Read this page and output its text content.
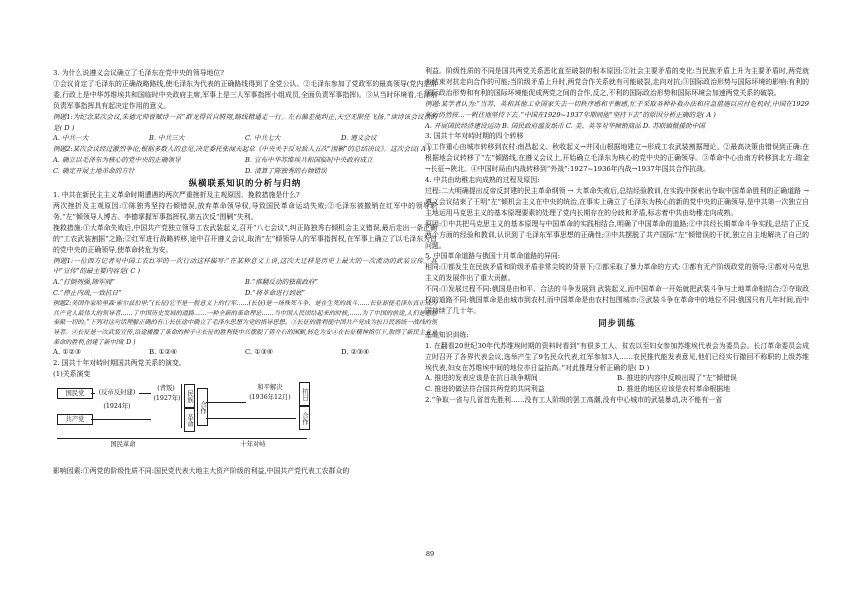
3. 为什么说遵义会议确立了毛泽东在党中央的领导地位?

①会议肯定了毛泽东的正确战略路线,使毛泽东为代表的正确路线得到了全党公认。②毛泽东参加了党政军的最高领导(党内是常委,行政上是中华苏维埃共和国临时中央政府主席,军事上是三人军事指挥小组成员,全面负责军事指挥)。③从当时环境看,毛泽东负责军事指挥具有起决定作用的意义。

例题1:为纪念某次会议,朱德元帅曾赋诗一首“群龙得首自腾翔,路线精通走一行。左右偏差能纠正,天空无限任飞扬。”读诗该会议指的是( D )

A. 中共一大	B. 中共三大	C. 中共七大	D. 遵义会议

例题2:某次会议经过激烈争论,根据多数人的意见,决定委托张闻天起草《中央关于反对敌人五次“围剿”的总结决议》。这次会议( A )

A. 确立以毛泽东为核心的党中央的正确领导	B. 宣布中华苏维埃共和国临时中央政府成立
C. 确定开展土地革命的方针	D. 清算了陈独秀的右倾错误
纵横联系知识的分析与归纳

1. 中共在新民主主义革命时期遭遇的两次严重挫折及主观原因、挽救措施是什么?

两次挫折及主观原因:①陈独秀坚持右倾错误,放弃革命领导权,导致国民革命运动失败;②毛泽东被撤销在红军中的领导职务,“左”倾领导人博古、李德掌握军事指挥权,第五次反“围剿”失利。

挽救措施:①大革命失败后,中国共产党独立领导工农武装起义,召开“八七会议”,纠正陈独秀右倾机会主义错误,最后走出一条正确的“工农武装割据”之路;②红军进行战略转移,途中召开遵义会议,取消“左”倾领导人的军事指挥权,在军事上确立了以毛泽东为首的党中央的正确领导,使革命转危为安。

例题1:一位西方记者对中国工农红军的一次行动这样描写:“在某种意义上讲,这次大迁移是历史上最大的一次流动的武装宣传。”其中“宣传”的最主要内容是( C )

A.“打倒列强,除军阀”	B.“推翻反动的独裁政府”
C.“停止内战,一致抗日”	D.“将革命进行到底”

例题2:美国作家哈里森·索尔兹伯里:“(长征)它不是一般意义上的行军……(长征)是一场殊死斗争、是在生死的战斗……长征却使毛泽东真正成为共产党人最伟大的领导者……了中国历史发展的道路……一种全新的革命理论……当中国人民团结起来的时候,……为了中国的前途,人们是愿意奉献一切的。”下列对这句话理解正确的有①长征途中确立了毛泽东思想为党的指导思想。③长征的胜利使中国共产党成为抗日民族统一战线的领导者。④长征是一次武装宣传,沿途播撒了革命的种子④长征的胜利使中共摆脱了蒋介石的围剿,转危为安④在长征精神指引下,取得了新民主主义革命的胜利,创建了新中国( D )

A. ①②③	B. ①②④	C. ①③④	D. ②③④

2. 国共十年对峙时期国共两党关系的演变。

(1)关系演变

国民党
共产党
(反帝反封建)
(1924年)
(背叛)
(1927年) 民族
革命
合作
和平解决
(1936年12月)	抗日
合作
国民革命	十年对峙

影响因素:①两党的阶级性质不同:国民党代表大地主大资产阶级的利益,中国共产党代表工农群众的

利益。阶级性质的不同是国共两党关系恶化直至破裂的根本原因;②社会主要矛盾的变化:当民族矛盾上升为主要矛盾时,两党就有结束对抗走向合作的可能;当阶级矛盾上升时,两党合作关系就有可能破裂,走向对抗;③国际政治形势与国际环境的影响:有利的国际政治形势和有利的国际环境能促成两党之间的合作,反之,不利的国际政治形势和国际环境会加速两党关系的破裂。

例题:某学者认为:“当苏、英和其他工业国家失去一切秩序感和平衡感,忙于采取务种补救办法和应急措施以应付危机时,中国在1929年后仍然按…一帆往地坚持下去。”中国在1929~1937年期间能“坚持下去”的原因分析正确的是( A )

A. 开展国民经济建设运动 B. 国民政府滥发纸币 C. 美、英等对华倾销商品 D. 苏联镇慑援助中国

3. 国共十年对峙时期的四个转移

①工作重心由城市转移到农村:南昌起义、秋收起义→井冈山根据地建立→形成工农武装割据理论。②最高决策由错误到正确:在根据地会议转移了“左”倾路线,在遵义会议上,开始确立毛泽东为核心的党中央的正确领导。③革命中心由南方转移到北方:瑞金→长征→陕北。④中国时局由内战转移到“外战”:1927~1936年内战→1937年国共合作抗战。

4. 中共由幼稚走向成熟的过程及原因:

过程:二大明确提出反帝反封建的民主革命纲领 → 大革命失败后,总结经验教训,在实践中探索出夺取中国革命胜利的正确道路 → 遵义会议结束了王明“左”倾机会主义在中央的统治,在事实上确立了毛泽东为核心的新的党中央的正确领导,是中共第一次独立自主地运用马克思主义的基本原理要素的处理了党内长期存在的分歧和矛盾,标志着中共由幼稚走向成熟。

原因:①中共把马克思主义的基本原理与中国革命的实践相结合,明确了中国革命的道路;②中共经长期革命斗争实践,总结了正反两个方面的经验和教训,认识到了毛泽东军事思想的正确性;③中共摆脱了共产国际“左”倾错误的干扰,独立自主地解决了自己的问题。

5. 中国革命道路与俄国十月革命道路的异同:

相同:①都发生在民族矛盾和阶级矛盾非常尖锐的背景下;②都采取了暴力革命的方式; ③都有无产阶级政党的领导;④都对马克思主义的发展作出了重大贡献。

不同:①发展过程不同:俄国是由和平、合法的斗争发展到 武装起义,而中国革命一开始就把武装斗争与土地革命相结合;②夺取政权的道路不同:俄国革命是由城市到农村,而中国革命是由农村包围城市;③武装斗争在革命中的地位不同:俄国只有几年时间,而中国持续了几十年。

同步训练

基础知识训练:

1. 在翻看20世纪30年代苏维埃时期的资料时看到“有很多工人、贫农以至妇女参加苏维埃代表会为委员会。长汀革命委员会成立时召开了各界代表会议,选举产生了9名民众代表,红军参加3人……农民推代能发表意见,他们已经实行撤回不称职的上级苏维埃代表,妇女在苏维埃中间的地位亦日益抬高。”对此推理分析正确的是( D )

A. 推进的发表应该是在抗日战争期间	B. 推进的内容中反映出现了“左”倾错误
C. 推进的做法符合国共两党的共同利益	D. 推进的地区应该是农村革命根据地

2.“争取一省与几省首先胜利……没有工人阶级的罢工高潮,没有中心城市的武装暴动,决不能有一省

89
